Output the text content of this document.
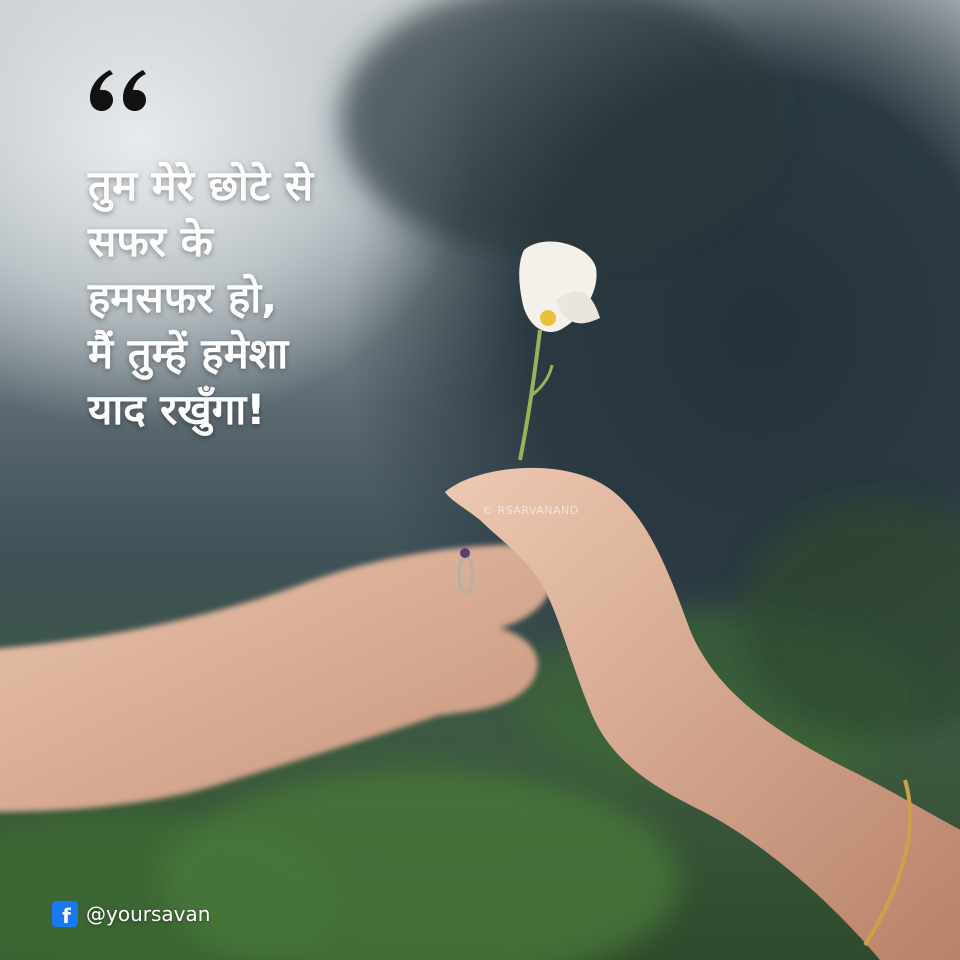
तुम मेरे छोटे से
सफर के
हमसफर हो,
मैं तुम्हें हमेशा
याद रखुँगा!
© RSARVANAND
f @yoursavan
